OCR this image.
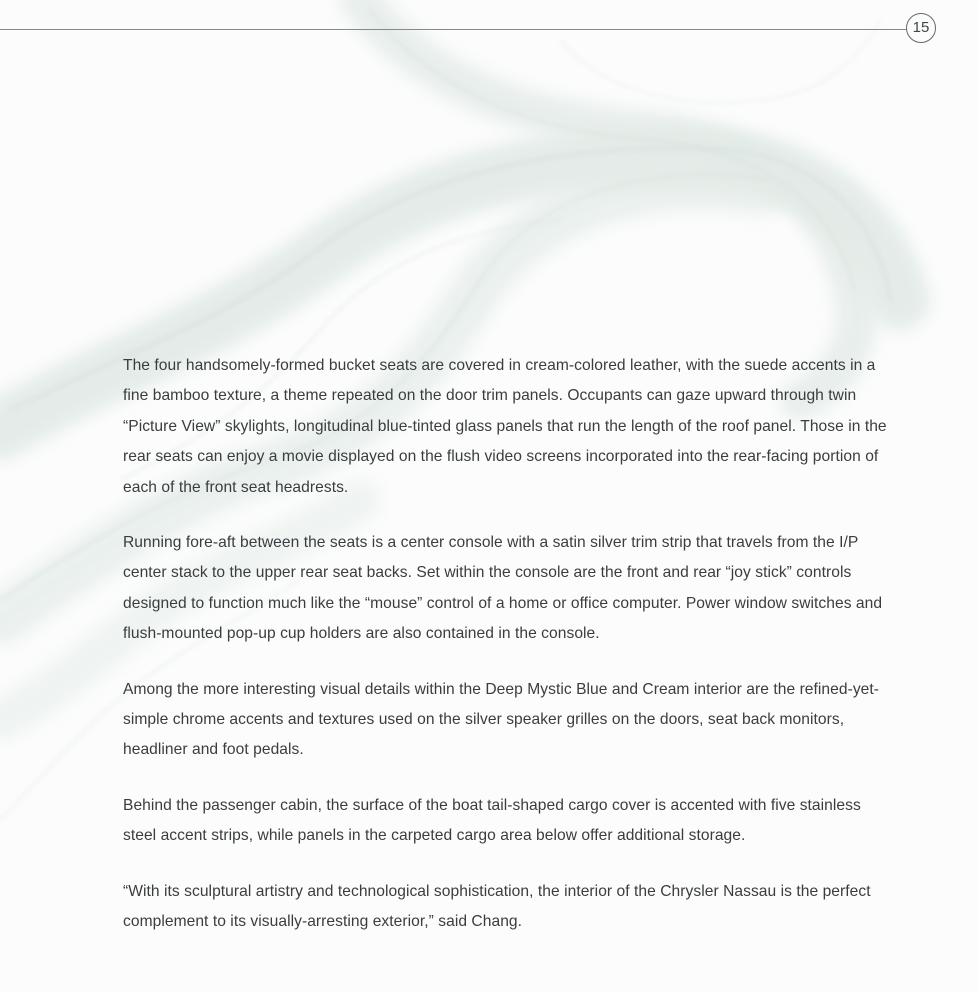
15

The four handsomely-formed bucket seats are covered in cream-colored leather, with the suede accents in a fine bamboo texture, a theme repeated on the door trim panels. Occupants can gaze upward through twin “Picture View” skylights, longitudinal blue-tinted glass panels that run the length of the roof panel. Those in the rear seats can enjoy a movie displayed on the flush video screens incorporated into the rear-facing portion of each of the front seat headrests.

Running fore-aft between the seats is a center console with a satin silver trim strip that travels from the I/P center stack to the upper rear seat backs. Set within the console are the front and rear “joy stick” controls designed to function much like the “mouse” control of a home or office computer. Power window switches and flush-mounted pop-up cup holders are also contained in the console.

Among the more interesting visual details within the Deep Mystic Blue and Cream interior are the refined-yet-simple chrome accents and textures used on the silver speaker grilles on the doors, seat back monitors, headliner and foot pedals.

Behind the passenger cabin, the surface of the boat tail-shaped cargo cover is accented with five stainless steel accent strips, while panels in the carpeted cargo area below offer additional storage.

“With its sculptural artistry and technological sophistication, the interior of the Chrysler Nassau is the perfect complement to its visually-arresting exterior,” said Chang.
